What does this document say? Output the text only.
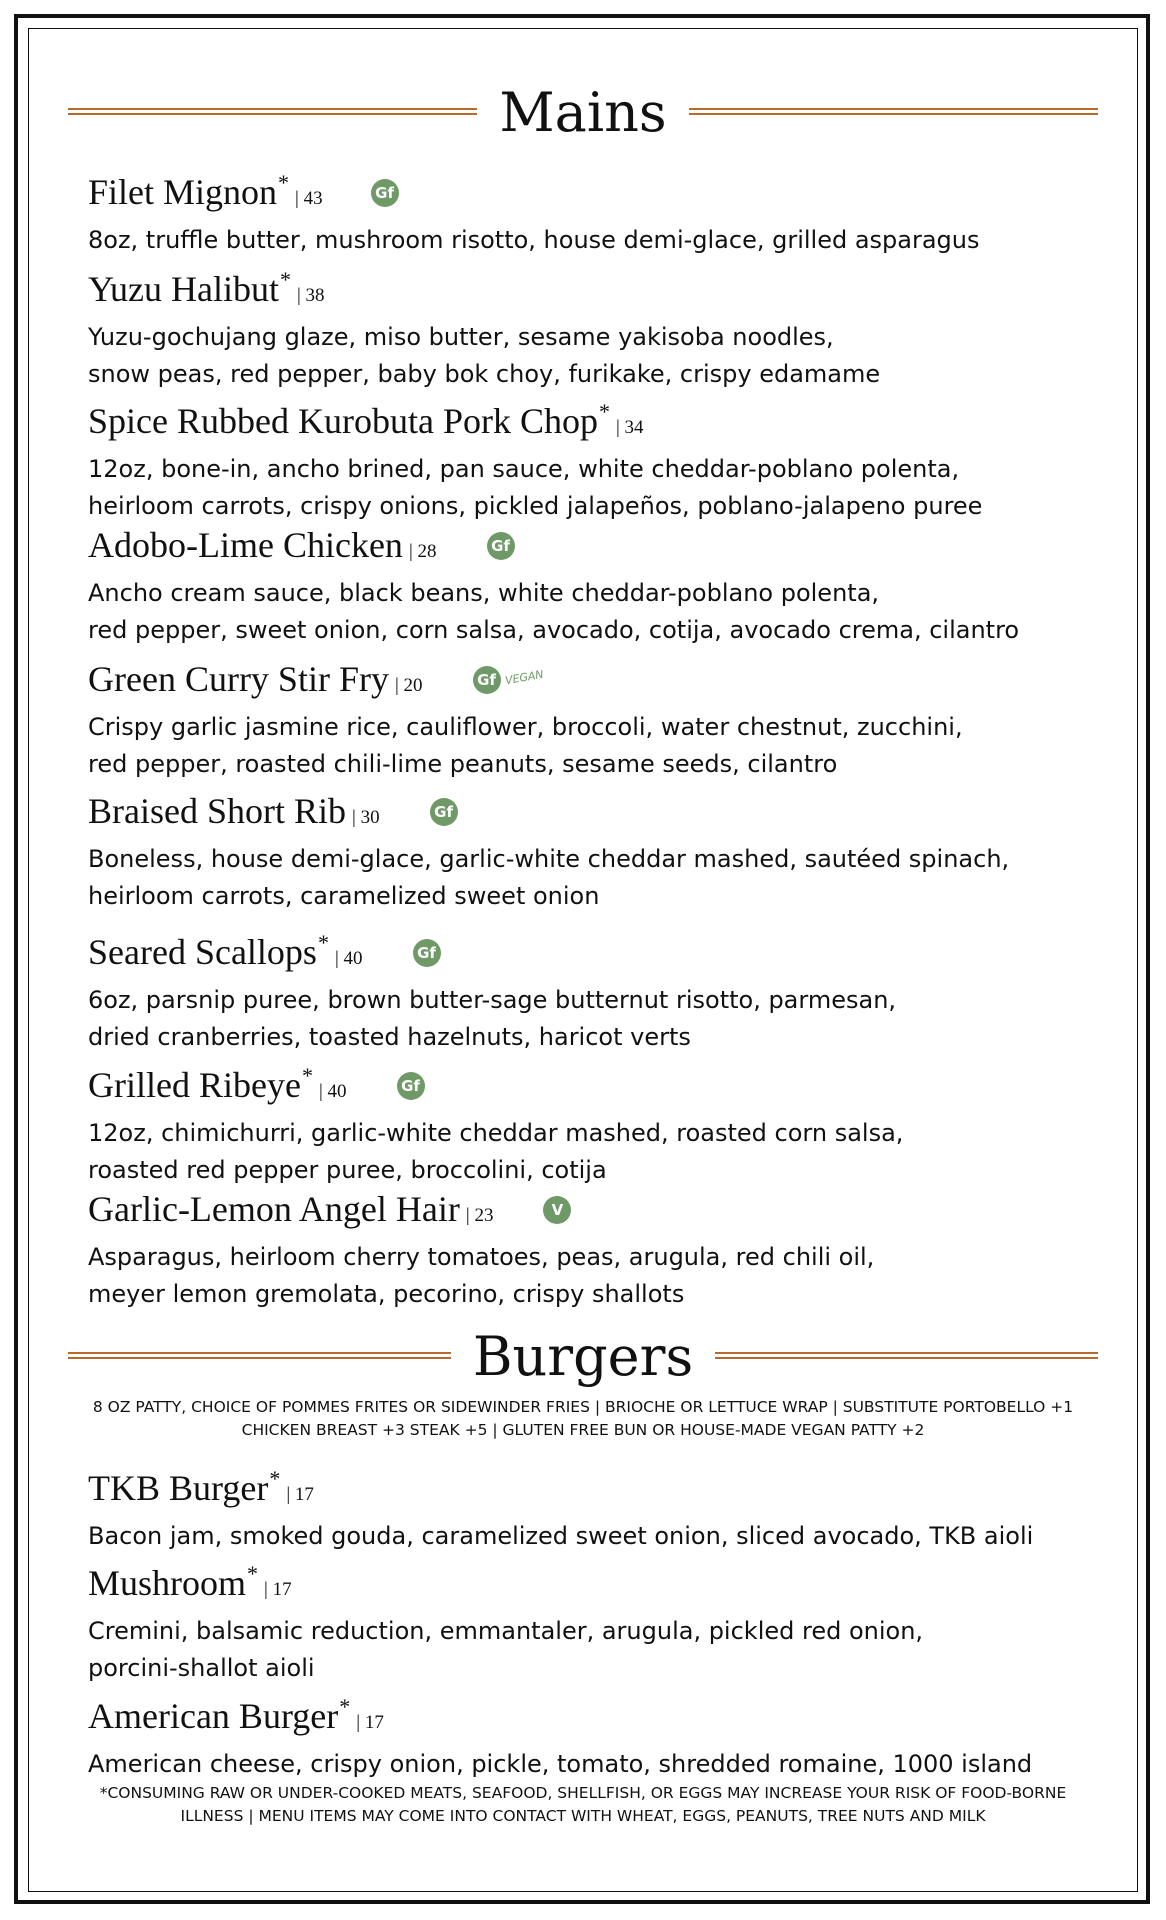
Mains
Filet Mignon*| 43	Gf
8oz, truffle butter, mushroom risotto, house demi-glace, grilled asparagus
Yuzu Halibut*| 38
Yuzu-gochujang glaze, miso butter, sesame yakisoba noodles,
snow peas, red pepper, baby bok choy, furikake, crispy edamame
Spice Rubbed Kurobuta Pork Chop*| 34
12oz, bone-in, ancho brined, pan sauce, white cheddar-poblano polenta,
heirloom carrots, crispy onions, pickled jalapeños, poblano-jalapeno puree
Adobo-Lime Chicken | 28	Gf
Ancho cream sauce, black beans, white cheddar-poblano polenta,
red pepper, sweet onion, corn salsa, avocado, cotija, avocado crema, cilantro
Green Curry Stir Fry | 20	Gf VEGAN
Crispy garlic jasmine rice, cauliflower, broccoli, water chestnut, zucchini,
red pepper, roasted chili-lime peanuts, sesame seeds, cilantro
Braised Short Rib | 30	Gf
Boneless, house demi-glace, garlic-white cheddar mashed, sautéed spinach,
heirloom carrots, caramelized sweet onion
Seared Scallops*| 40	Gf
6oz, parsnip puree, brown butter-sage butternut risotto, parmesan,
dried cranberries, toasted hazelnuts, haricot verts
Grilled Ribeye*| 40	Gf
12oz, chimichurri, garlic-white cheddar mashed, roasted corn salsa,
roasted red pepper puree, broccolini, cotija
Garlic-Lemon Angel Hair | 23	V
Asparagus, heirloom cherry tomatoes, peas, arugula, red chili oil,
meyer lemon gremolata, pecorino, crispy shallots
Burgers
8 OZ PATTY, CHOICE OF POMMES FRITES OR SIDEWINDER FRIES | BRIOCHE OR LETTUCE WRAP | SUBSTITUTE PORTOBELLO +1
CHICKEN BREAST +3 STEAK +5 | GLUTEN FREE BUN OR HOUSE-MADE VEGAN PATTY +2
TKB Burger*| 17
Bacon jam, smoked gouda, caramelized sweet onion, sliced avocado, TKB aioli
Mushroom*| 17
Cremini, balsamic reduction, emmantaler, arugula, pickled red onion,
porcini-shallot aioli
American Burger*| 17
American cheese, crispy onion, pickle, tomato, shredded romaine, 1000 island
*CONSUMING RAW OR UNDER-COOKED MEATS, SEAFOOD, SHELLFISH, OR EGGS MAY INCREASE YOUR RISK OF FOOD-BORNE
ILLNESS | MENU ITEMS MAY COME INTO CONTACT WITH WHEAT, EGGS, PEANUTS, TREE NUTS AND MILK
